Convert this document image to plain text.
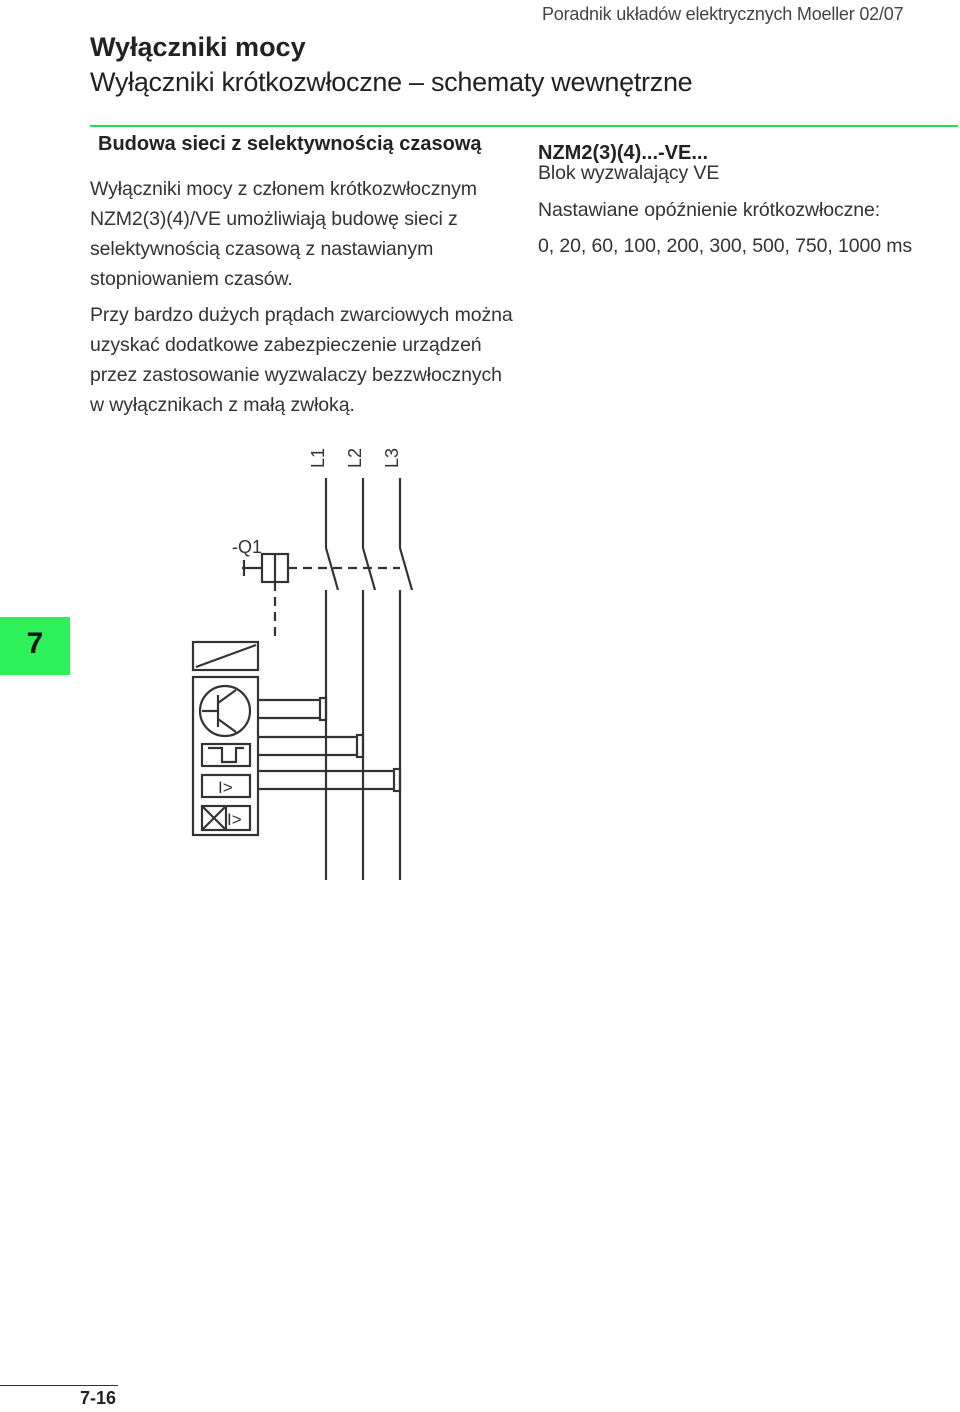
Poradnik układów elektrycznych Moeller 02/07
Wyłączniki mocy
Wyłączniki krótkozwłoczne – schematy wewnętrzne
Budowa sieci z selektywnością czasową

Wyłączniki mocy z członem krótkozwłocznym NZM2(3)(4)/VE umożliwiają budowę sieci z selektywnością czasową z nastawianym stopniowaniem czasów.

Przy bardzo dużych prądach zwarciowych można uzyskać dodatkowe zabezpieczenie urządzeń przez zastosowanie wyzwalaczy bezzwłocznych w wyłącznikach z małą zwłoką.

NZM2(3)(4)...-VE...
Blok wyzwalający VE
Nastawiane opóźnienie krótkozwłoczne:
0, 20, 60, 100, 200, 300, 500, 750, 1000 ms
L1 L2 L3
-Q1
I>
I>
7
7-16
